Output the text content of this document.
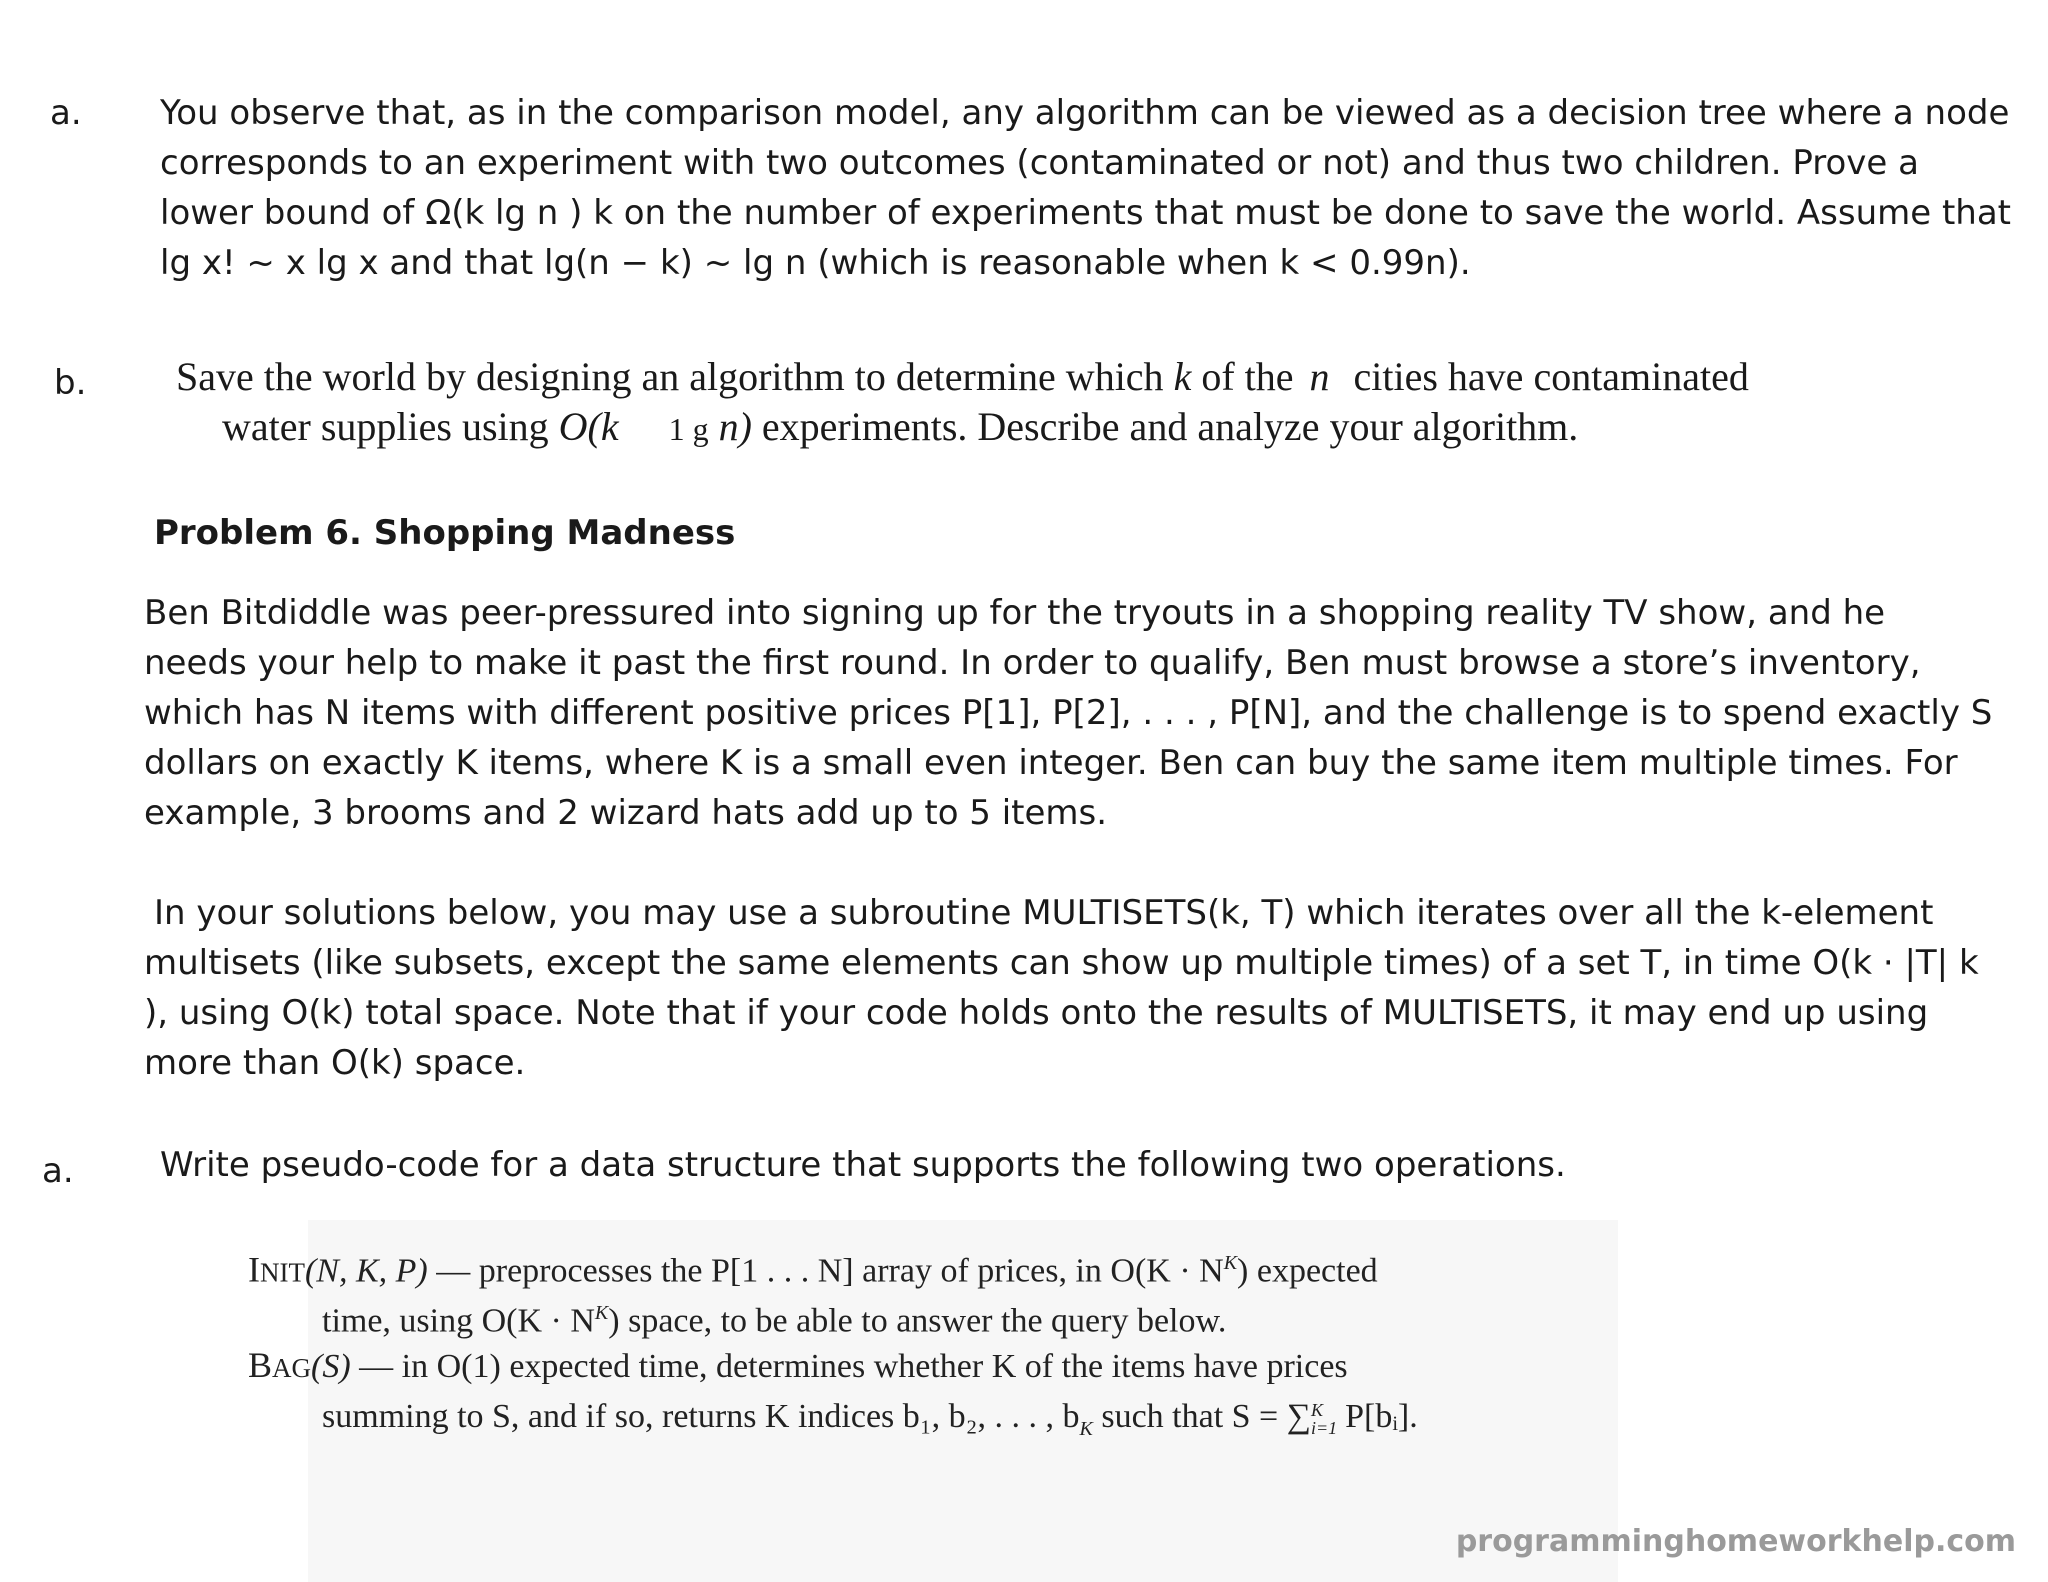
a. You observe that, as in the comparison model, any algorithm can be viewed as a decision tree where a node
corresponds to an experiment with two outcomes (contaminated or not) and thus two children. Prove a
lower bound of Ω(k lg n ) k on the number of experiments that must be done to save the world. Assume that
lg x! ~ x lg x and that lg(n − k) ~ lg n (which is reasonable when k < 0.99n).
b. Save the world by designing an algorithm to determine which k of the n cities have contaminated
water supplies using O(k 1 g n) experiments. Describe and analyze your algorithm.
Problem 6. Shopping Madness
Ben Bitdiddle was peer-pressured into signing up for the tryouts in a shopping reality TV show, and he
needs your help to make it past the first round. In order to qualify, Ben must browse a store’s inventory,
which has N items with different positive prices P[1], P[2], . . . , P[N], and the challenge is to spend exactly S
dollars on exactly K items, where K is a small even integer. Ben can buy the same item multiple times. For
example, 3 brooms and 2 wizard hats add up to 5 items.
In your solutions below, you may use a subroutine MULTISETS(k, T) which iterates over all the k-element
multisets (like subsets, except the same elements can show up multiple times) of a set T, in time O(k · |T| k
), using O(k) total space. Note that if your code holds onto the results of MULTISETS, it may end up using
more than O(k) space.
a.	Write pseudo-code for a data structure that supports the following two operations.
INIT(N, K, P) — preprocesses the P[1 . . . N] array of prices, in $O(K \cdot N^K)$ expected
time, using $O(K \cdot N^K)$ space, to be able to answer the query below.
BAG(S) — in O(1) expected time, determines whether K of the items have prices
summing to S, and if so, returns K indices b₁, b₂, . . . , $b_K$ such that S = ∑ K
i=1 P[bᵢ].
programminghomeworkhelp.com
